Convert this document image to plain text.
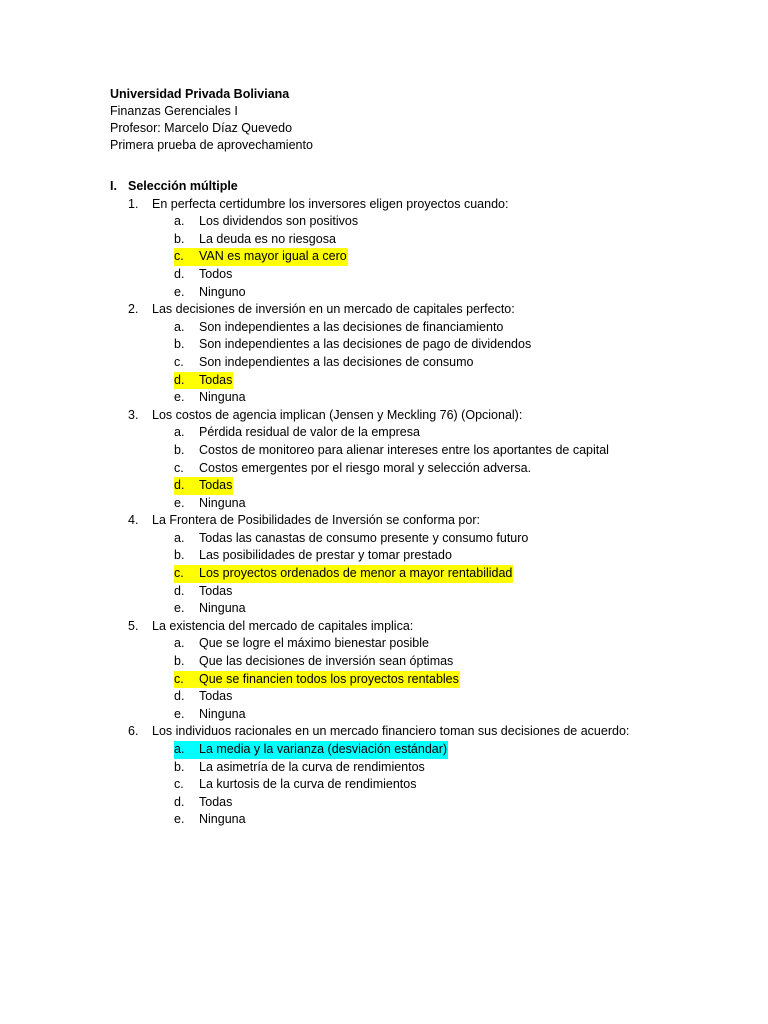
Universidad Privada Boliviana
Finanzas Gerenciales I
Profesor: Marcelo Díaz Quevedo
Primera prueba de aprovechamiento
I. Selección múltiple
1.	En perfecta certidumbre los inversores eligen proyectos cuando:
a.	Los dividendos son positivos
b.	La deuda es no riesgosa
c.	VAN es mayor igual a cero
d.	Todos
e.	Ninguno
2.	Las decisiones de inversión en un mercado de capitales perfecto:
a.	Son independientes a las decisiones de financiamiento
b.	Son independientes a las decisiones de pago de dividendos
c.	Son independientes a las decisiones de consumo
d.	Todas
e.	Ninguna
3.	Los costos de agencia implican (Jensen y Meckling 76) (Opcional):
a.	Pérdida residual de valor de la empresa
b.	Costos de monitoreo para alienar intereses entre los aportantes de capital
c.	Costos emergentes por el riesgo moral y selección adversa.
d.	Todas
e.	Ninguna
4.	La Frontera de Posibilidades de Inversión se conforma por:
a.	Todas las canastas de consumo presente y consumo futuro
b.	Las posibilidades de prestar y tomar prestado
c.	Los proyectos ordenados de menor a mayor rentabilidad
d.	Todas
e.	Ninguna
5.	La existencia del mercado de capitales implica:
a.	Que se logre el máximo bienestar posible
b.	Que las decisiones de inversión sean óptimas
c.	Que se financien todos los proyectos rentables
d.	Todas
e.	Ninguna
6.	Los individuos racionales en un mercado financiero toman sus decisiones de acuerdo:
a.	La media y la varianza (desviación estándar)
b.	La asimetría de la curva de rendimientos
c.	La kurtosis de la curva de rendimientos
d.	Todas
e.	Ninguna
